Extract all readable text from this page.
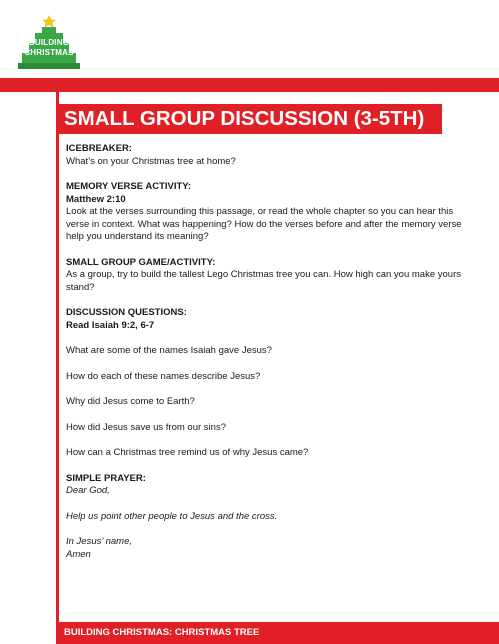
BUILDING
CHRISTMAS
SMALL GROUP DISCUSSION (3-5TH)
ICEBREAKER:
What’s on your Christmas tree at home?
MEMORY VERSE ACTIVITY:
Matthew 2:10
Look at the verses surrounding this passage, or read the whole chapter so you can hear this verse in context. What was happening? How do the verses before and after the memory verse help you understand its meaning?
SMALL GROUP GAME/ACTIVITY:
As a group, try to build the tallest Lego Christmas tree you can. How high can you make yours stand?
DISCUSSION QUESTIONS:
Read Isaiah 9:2, 6-7
What are some of the names Isaiah gave Jesus?
How do each of these names describe Jesus?
Why did Jesus come to Earth?
How did Jesus save us from our sins?
How can a Christmas tree remind us of why Jesus came?
SIMPLE PRAYER:
Dear God,
Help us point other people to Jesus and the cross.
In Jesus’ name,
Amen
BUILDING CHRISTMAS: CHRISTMAS TREE
